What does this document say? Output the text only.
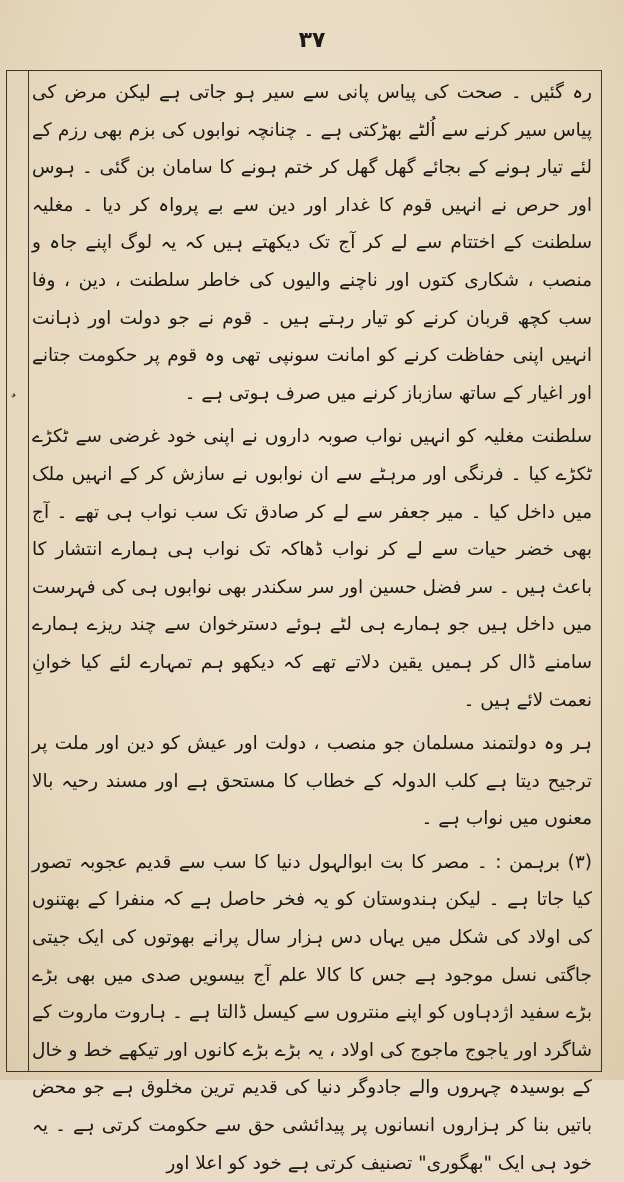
۳۷

رہ گئیں ۔ صحت کی پیاس پانی سے سیر ہو جاتی ہے لیکن مرض کی پیاس سیر کرنے سے اُلٹے بھڑکتی ہے ۔ چنانچہ نوابوں کی بزم بھی رزم کے لئے تیار ہونے کے بجائے گھل گھل کر ختم ہونے کا سامان بن گئی ۔ ہوس اور حرص نے انہیں قوم کا غدار اور دین سے بے پرواہ کر دیا ۔ مغلیہ سلطنت کے اختتام سے لے کر آج تک دیکھتے ہیں کہ یہ لوگ اپنے جاہ و منصب ، شکاری کتوں اور ناچنے والیوں کی خاطر سلطنت ، دین ، وفا سب کچھ قربان کرنے کو تیار رہتے ہیں ۔ قوم نے جو دولت اور ذہانت انہیں اپنی حفاظت کرنے کو امانت سونپی تھی وہ قوم پر حکومت جتانے اور اغیار کے ساتھ سازباز کرنے میں صرف ہوتی ہے ۔

سلطنت مغلیہ کو انہیں نواب صوبہ داروں نے اپنی خود غرضی سے ٹکڑے ٹکڑے کیا ۔ فرنگی اور مرہٹے سے ان نوابوں نے سازش کر کے انہیں ملک میں داخل کیا ۔ میر جعفر سے لے کر صادق تک سب نواب ہی تھے ۔ آج بھی خضر حیات سے لے کر نواب ڈھاکہ تک نواب ہی ہمارے انتشار کا باعث ہیں ۔ سر فضل حسین اور سر سکندر بھی نوابوں ہی کی فہرست میں داخل ہیں جو ہمارے ہی لٹے ہوئے دسترخوان سے چند ریزے ہمارے سامنے ڈال کر ہمیں یقین دلاتے تھے کہ دیکھو ہم تمہارے لئے کیا خوانِ نعمت لائے ہیں ۔

ہر وہ دولتمند مسلمان جو منصب ، دولت اور عیش کو دین اور ملت پر ترجیح دیتا ہے کلب الدولہ کے خطاب کا مستحق ہے اور مسند رحیہ بالا معنوں میں نواب ہے ۔

(۳) برہمن : ۔ مصر کا بت ابوالہول دنیا کا سب سے قدیم عجوبہ تصور کیا جاتا ہے ۔ لیکن ہندوستان کو یہ فخر حاصل ہے کہ منفرا کے بھتنوں کی اولاد کی شکل میں یہاں دس ہزار سال پرانے بھوتوں کی ایک جیتی جاگتی نسل موجود ہے جس کا کالا علم آج بیسویں صدی میں بھی بڑے بڑے سفید اژدہاوں کو اپنے منتروں سے کیسل ڈالتا ہے ۔ ہاروت ماروت کے شاگرد اور یاجوج ماجوج کی اولاد ، یہ بڑے بڑے کانوں اور تیکھے خط و خال کے بوسیدہ چہروں والے جادوگر دنیا کی قدیم ترین مخلوق ہے جو محض باتیں بنا کر ہزاروں انسانوں پر پیدائشی حق سے حکومت کرتی ہے ۔ یہ خود ہی ایک "بھگوری" تصنیف کرتی ہے خود کو اعلا اور
